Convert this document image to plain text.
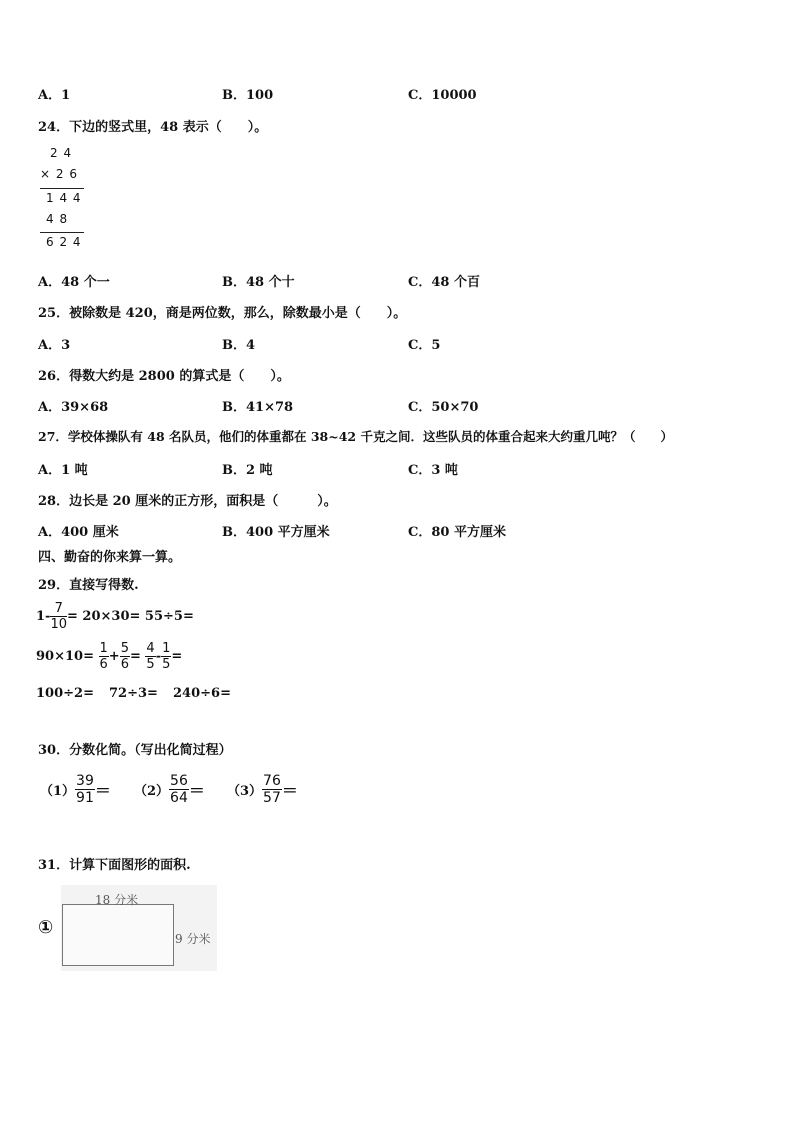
A．1	B．100	C．10000
24．下边的竖式里，48 表示（　　）。
2 4
× 2 6
1 4 4
4 8
6 2 4
A．48 个一	B．48 个十	C．48 个百
25．被除数是 420，商是两位数，那么，除数最小是（　　）。
A．3	B．4	C．5
26．得数大约是 2800 的算式是（　　）。
A．39×68	B．41×78	C．50×70
27．学校体操队有 48 名队员，他们的体重都在 38~42 千克之间．这些队员的体重合起来大约重几吨？（　　）
A．1 吨	B．2 吨	C．3 吨
28．边长是 20 厘米的正方形，面积是（　　　）。
A．400 厘米	B．400 平方厘米	C．80 平方厘米
四、勤奋的你来算一算。
29．直接写得数.
$1- \frac{7}{10} = 20\times 30= 55\div 5=$
$90\times 10= \frac{1}{6} + \frac{5}{6} = \frac{4}{5} - \frac{1}{5}$ =
100÷2= 72÷3= 240÷6=
30．分数化简。（写出化简过程）
$(1) \frac{39}{91} = (2) \frac{56}{64} = (3) \frac{76}{57}$ ＝
31．计算下面图形的面积.
①
18 分米
9 分米
